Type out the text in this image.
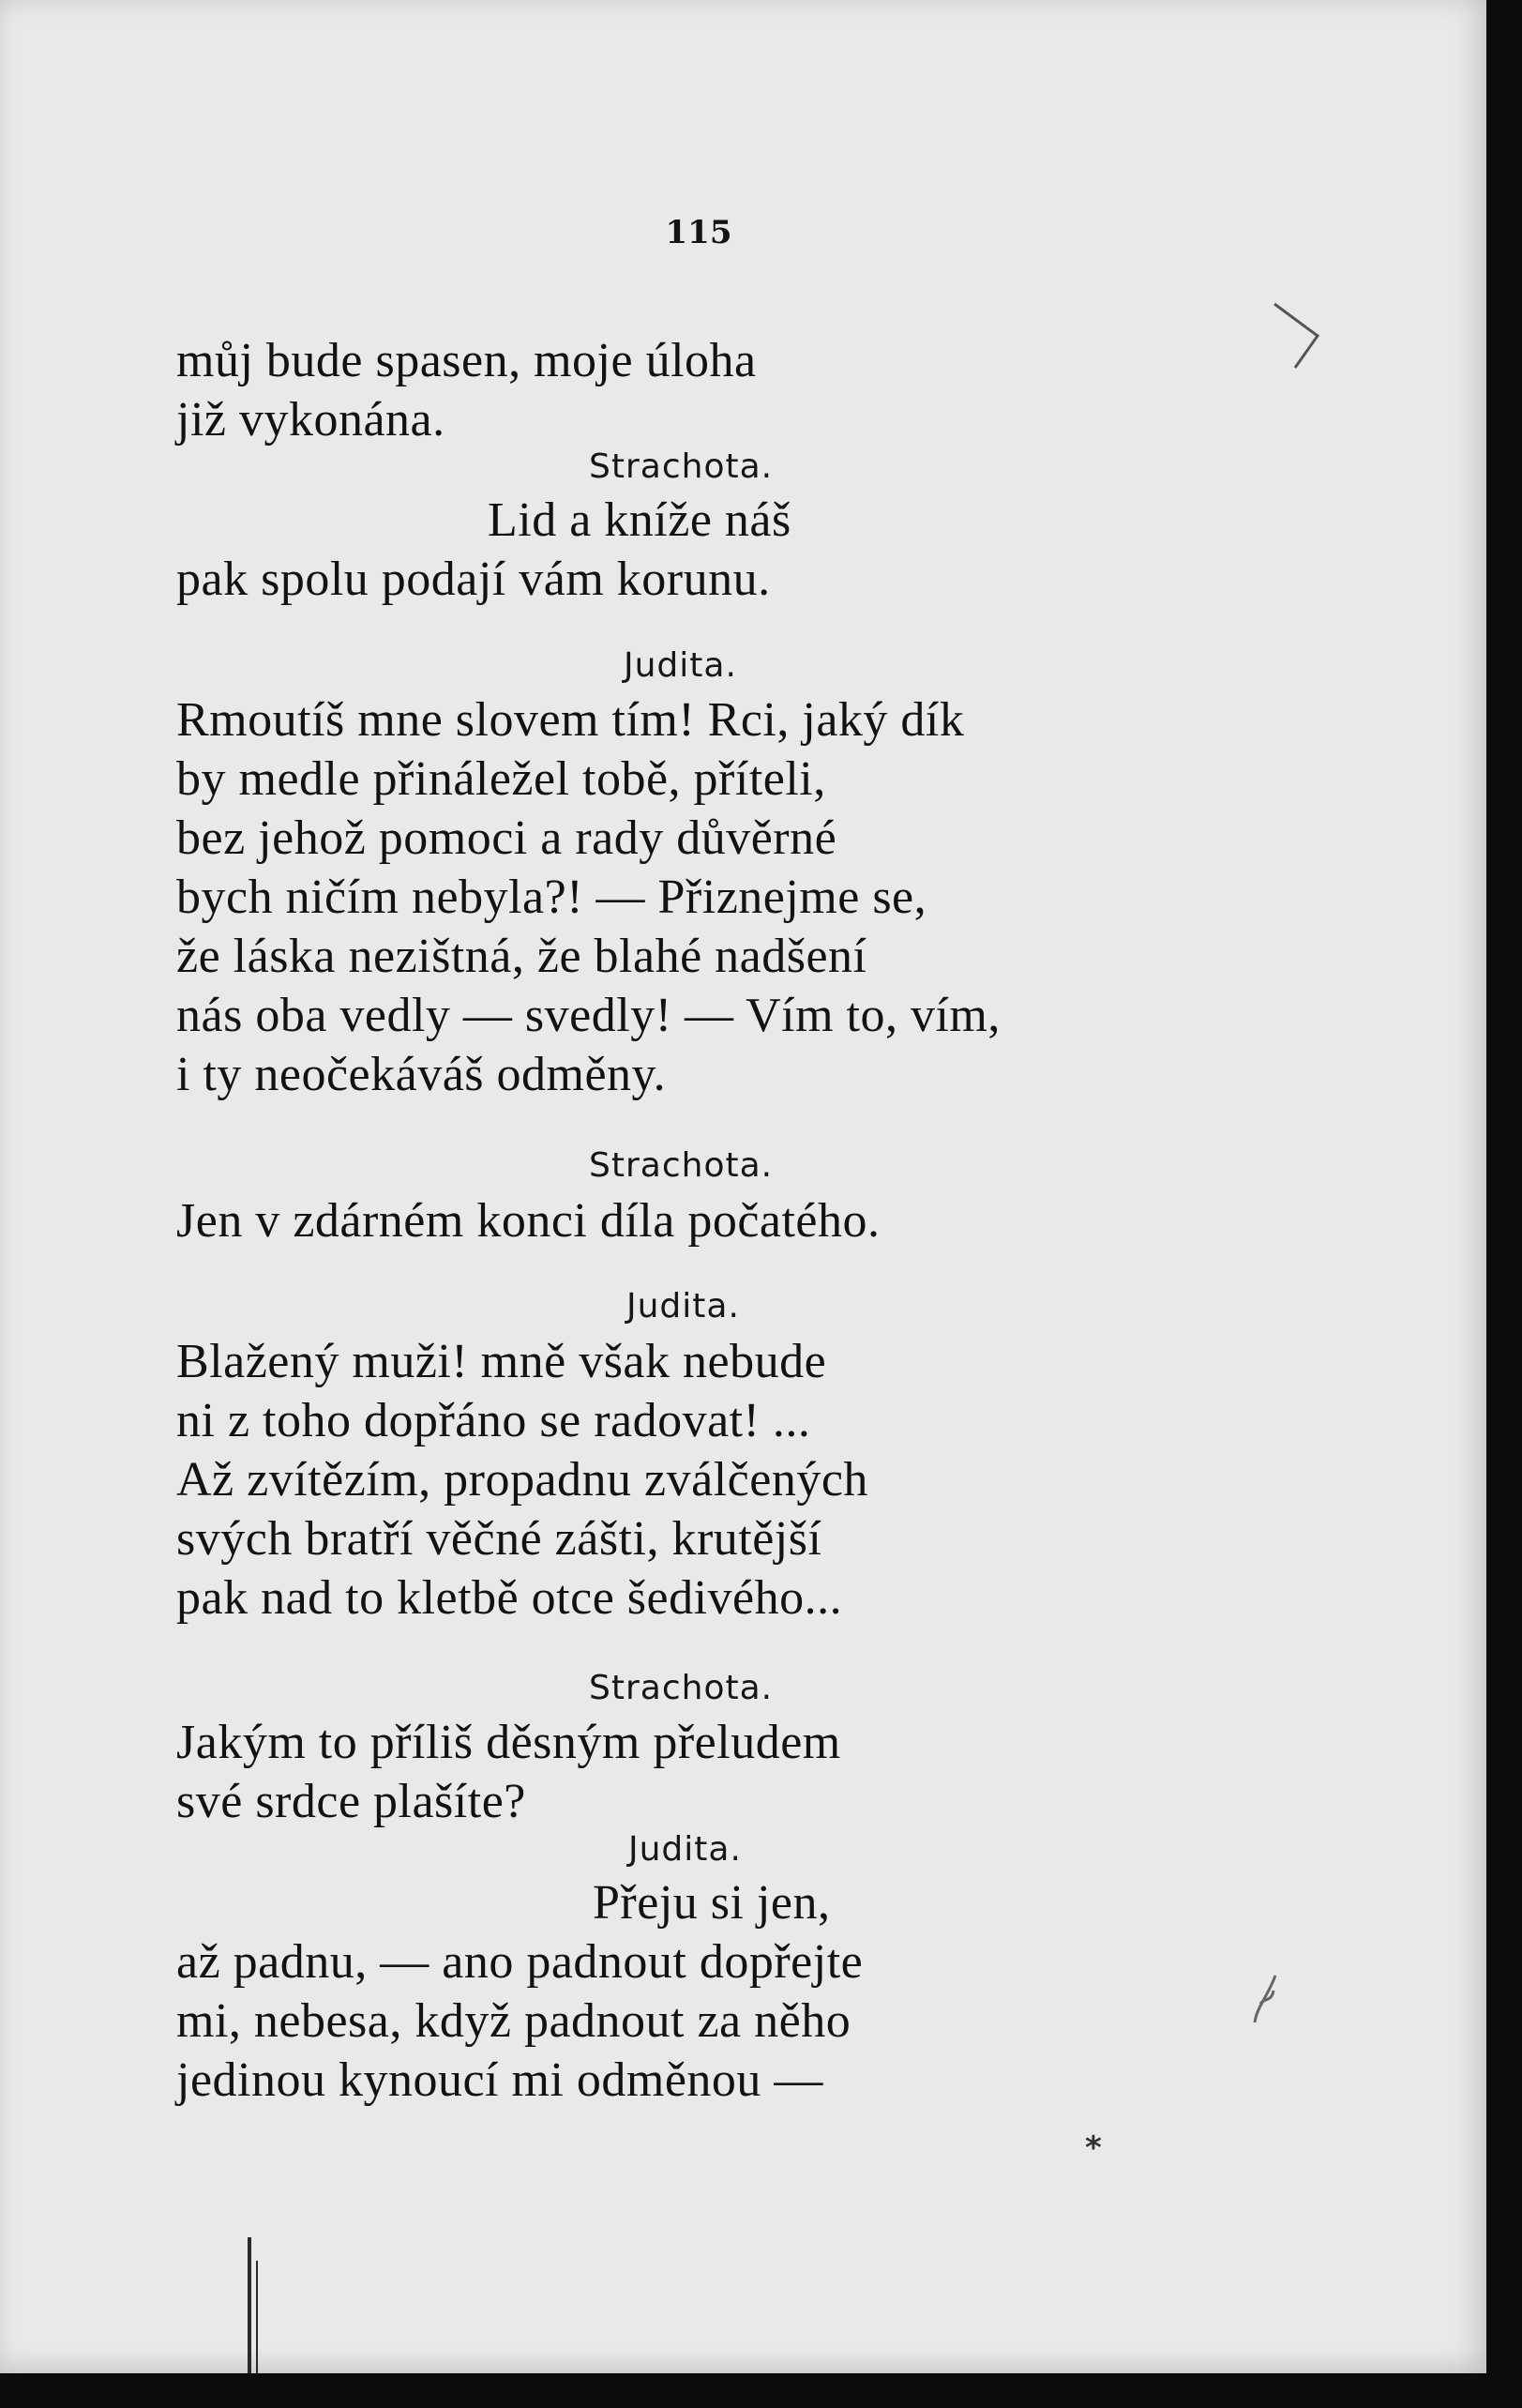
115

můj bude spasen, moje úloha

již vykonána.

Strachota.

Lid a kníže náš

pak spolu podají vám korunu.

Judita.

Rmoutíš mne slovem tím! Rci, jaký dík

by medle přináležel tobě, příteli,

bez jehož pomoci a rady důvěrné

bych ničím nebyla?! — Přiznejme se,

že láska nezištná, že blahé nadšení

nás oba vedly — svedly! — Vím to, vím,

i ty neočekáváš odměny.

Strachota.

Jen v zdárném konci díla počatého.

Judita.

Blažený muži! mně však nebude

ni z toho dopřáno se radovat! ...

Až zvítězím, propadnu zválčených

svých bratří věčné zášti, krutější

pak nad to kletbě otce šedivého...

Strachota.

Jakým to příliš děsným přeludem

své srdce plašíte?

Judita.

Přeju si jen,

až padnu, — ano padnout dopřejte

mi, nebesa, když padnout za něho

jedinou kynoucí mi odměnou —

*
